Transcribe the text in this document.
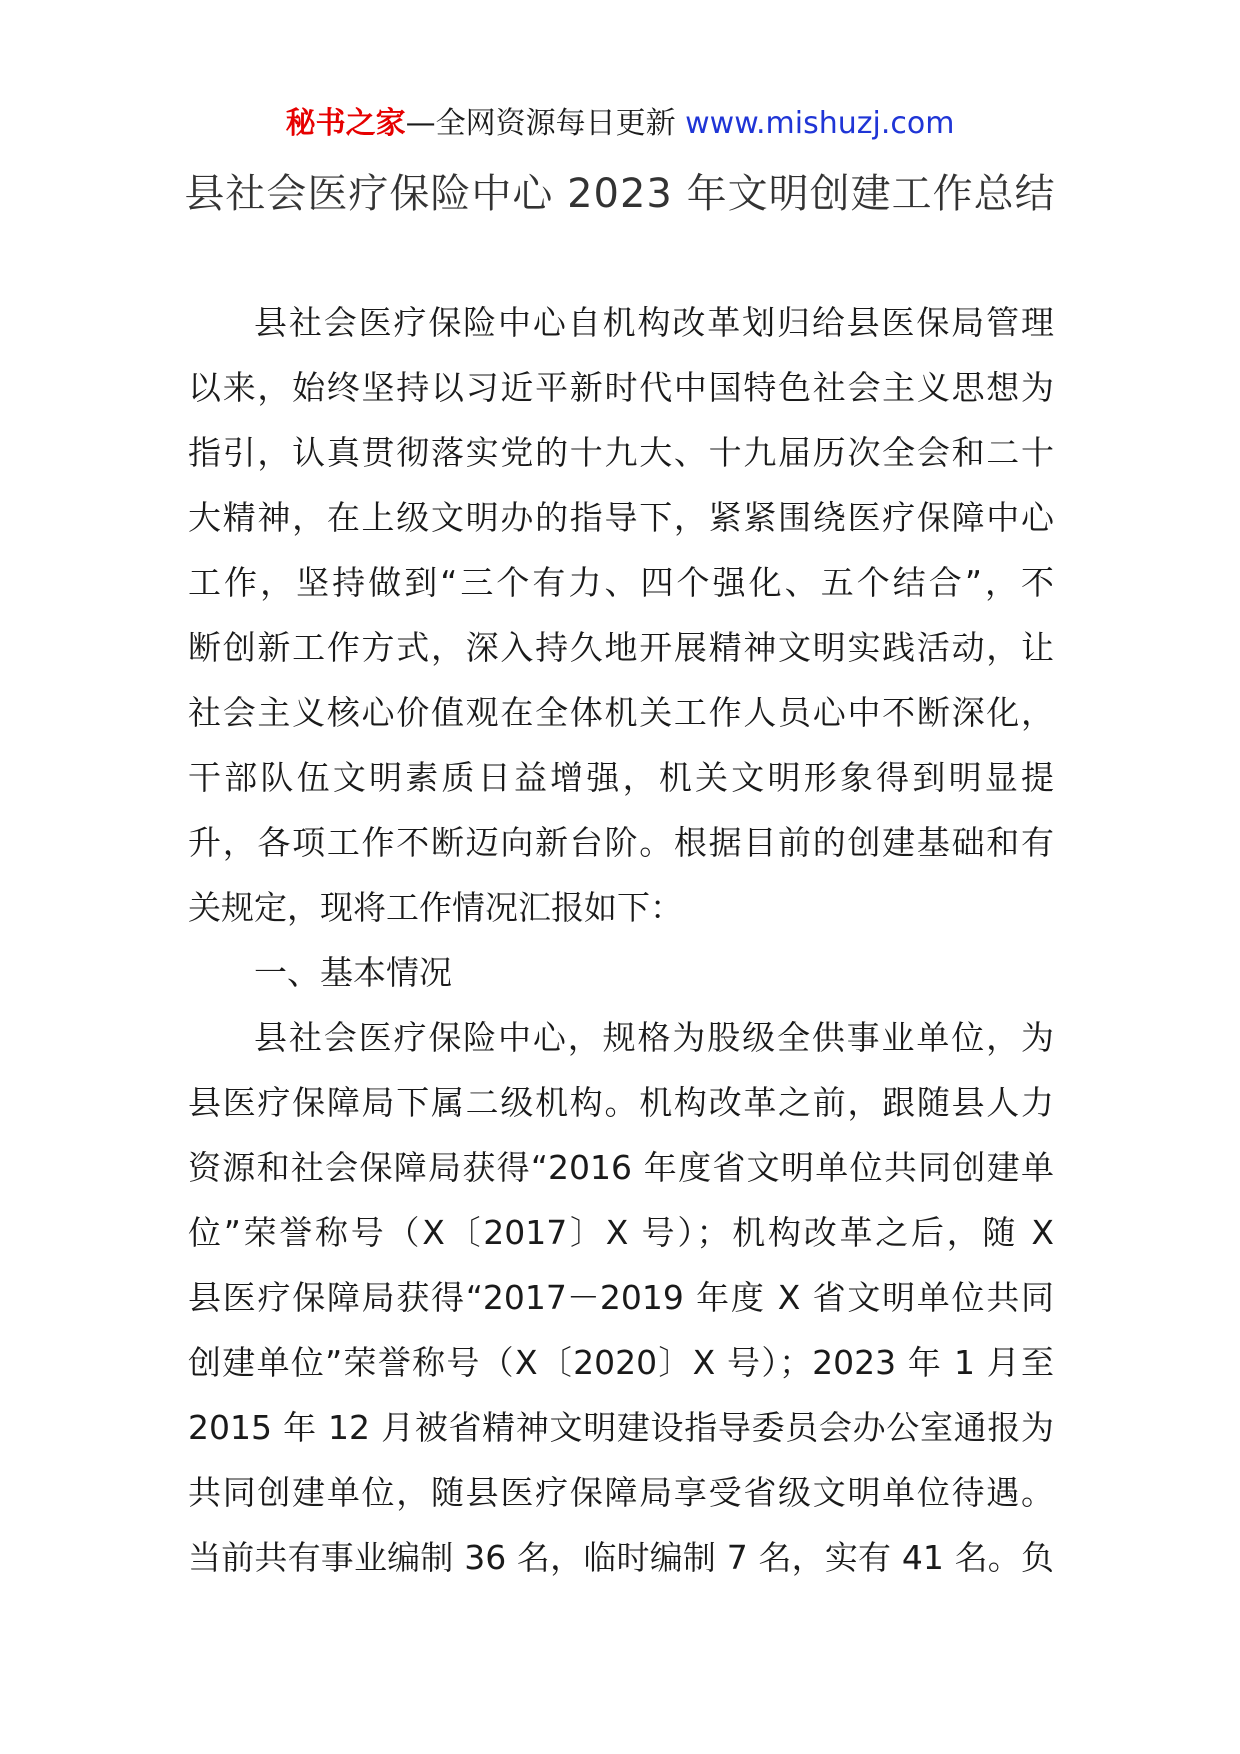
秘书之家—全网资源每日更新 www.mishuzj.com
县社会医疗保险中心 2023 年文明创建工作总结
县社会医疗保险中心自机构改革划归给县医保局管理
以来，始终坚持以习近平新时代中国特色社会主义思想为
指引，认真贯彻落实党的十九大、十九届历次全会和二十
大精神，在上级文明办的指导下，紧紧围绕医疗保障中心
工作，坚持做到“三个有力、四个强化、五个结合”，不
断创新工作方式，深入持久地开展精神文明实践活动，让
社会主义核心价值观在全体机关工作人员心中不断深化，
干部队伍文明素质日益增强，机关文明形象得到明显提
升，各项工作不断迈向新台阶。根据目前的创建基础和有
关规定，现将工作情况汇报如下：
一、基本情况
县社会医疗保险中心，规格为股级全供事业单位，为
县医疗保障局下属二级机构。机构改革之前，跟随县人力
资源和社会保障局获得“2016 年度省文明单位共同创建单
位”荣誉称号（X〔2017〕X 号）；机构改革之后，随 X
县医疗保障局获得“2017－2019 年度 X 省文明单位共同
创建单位”荣誉称号（X〔2020〕X 号）；2023 年 1 月至
2015 年 12 月被省精神文明建设指导委员会办公室通报为
共同创建单位，随县医疗保障局享受省级文明单位待遇。
当前共有事业编制 36 名，临时编制 7 名，实有 41 名。负
